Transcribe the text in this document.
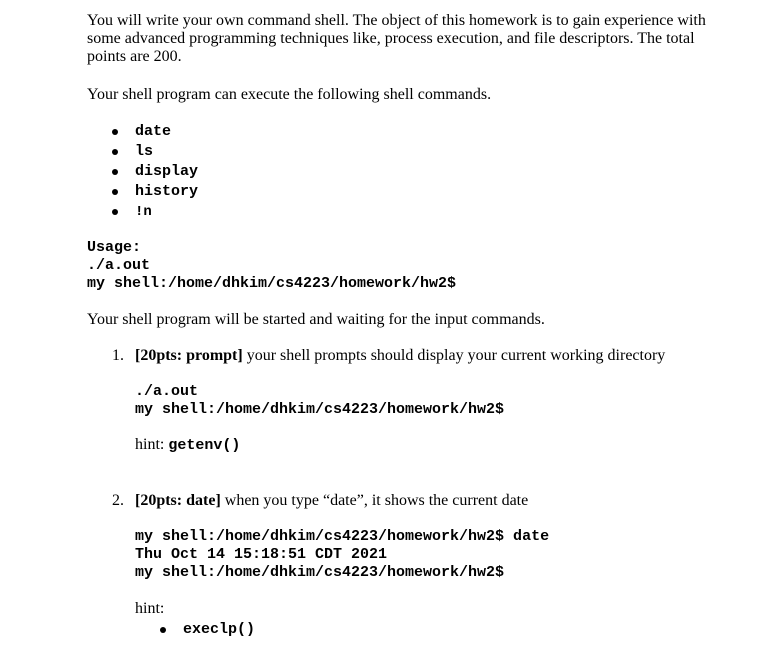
You will write your own command shell. The object of this homework is to gain experience with
some advanced programming techniques like, process execution, and file descriptors. The total
points are 200.
Your shell program can execute the following shell commands.
date
ls
display
history
!n
Usage:
./a.out
my shell:/home/dhkim/cs4223/homework/hw2$
Your shell program will be started and waiting for the input commands.
1. [20pts: prompt] your shell prompts should display your current working directory
./a.out
my shell:/home/dhkim/cs4223/homework/hw2$
hint: getenv()
2. [20pts: date] when you type “date”, it shows the current date
my shell:/home/dhkim/cs4223/homework/hw2$ date
Thu Oct 14 15:18:51 CDT 2021
my shell:/home/dhkim/cs4223/homework/hw2$
hint:
execlp()
